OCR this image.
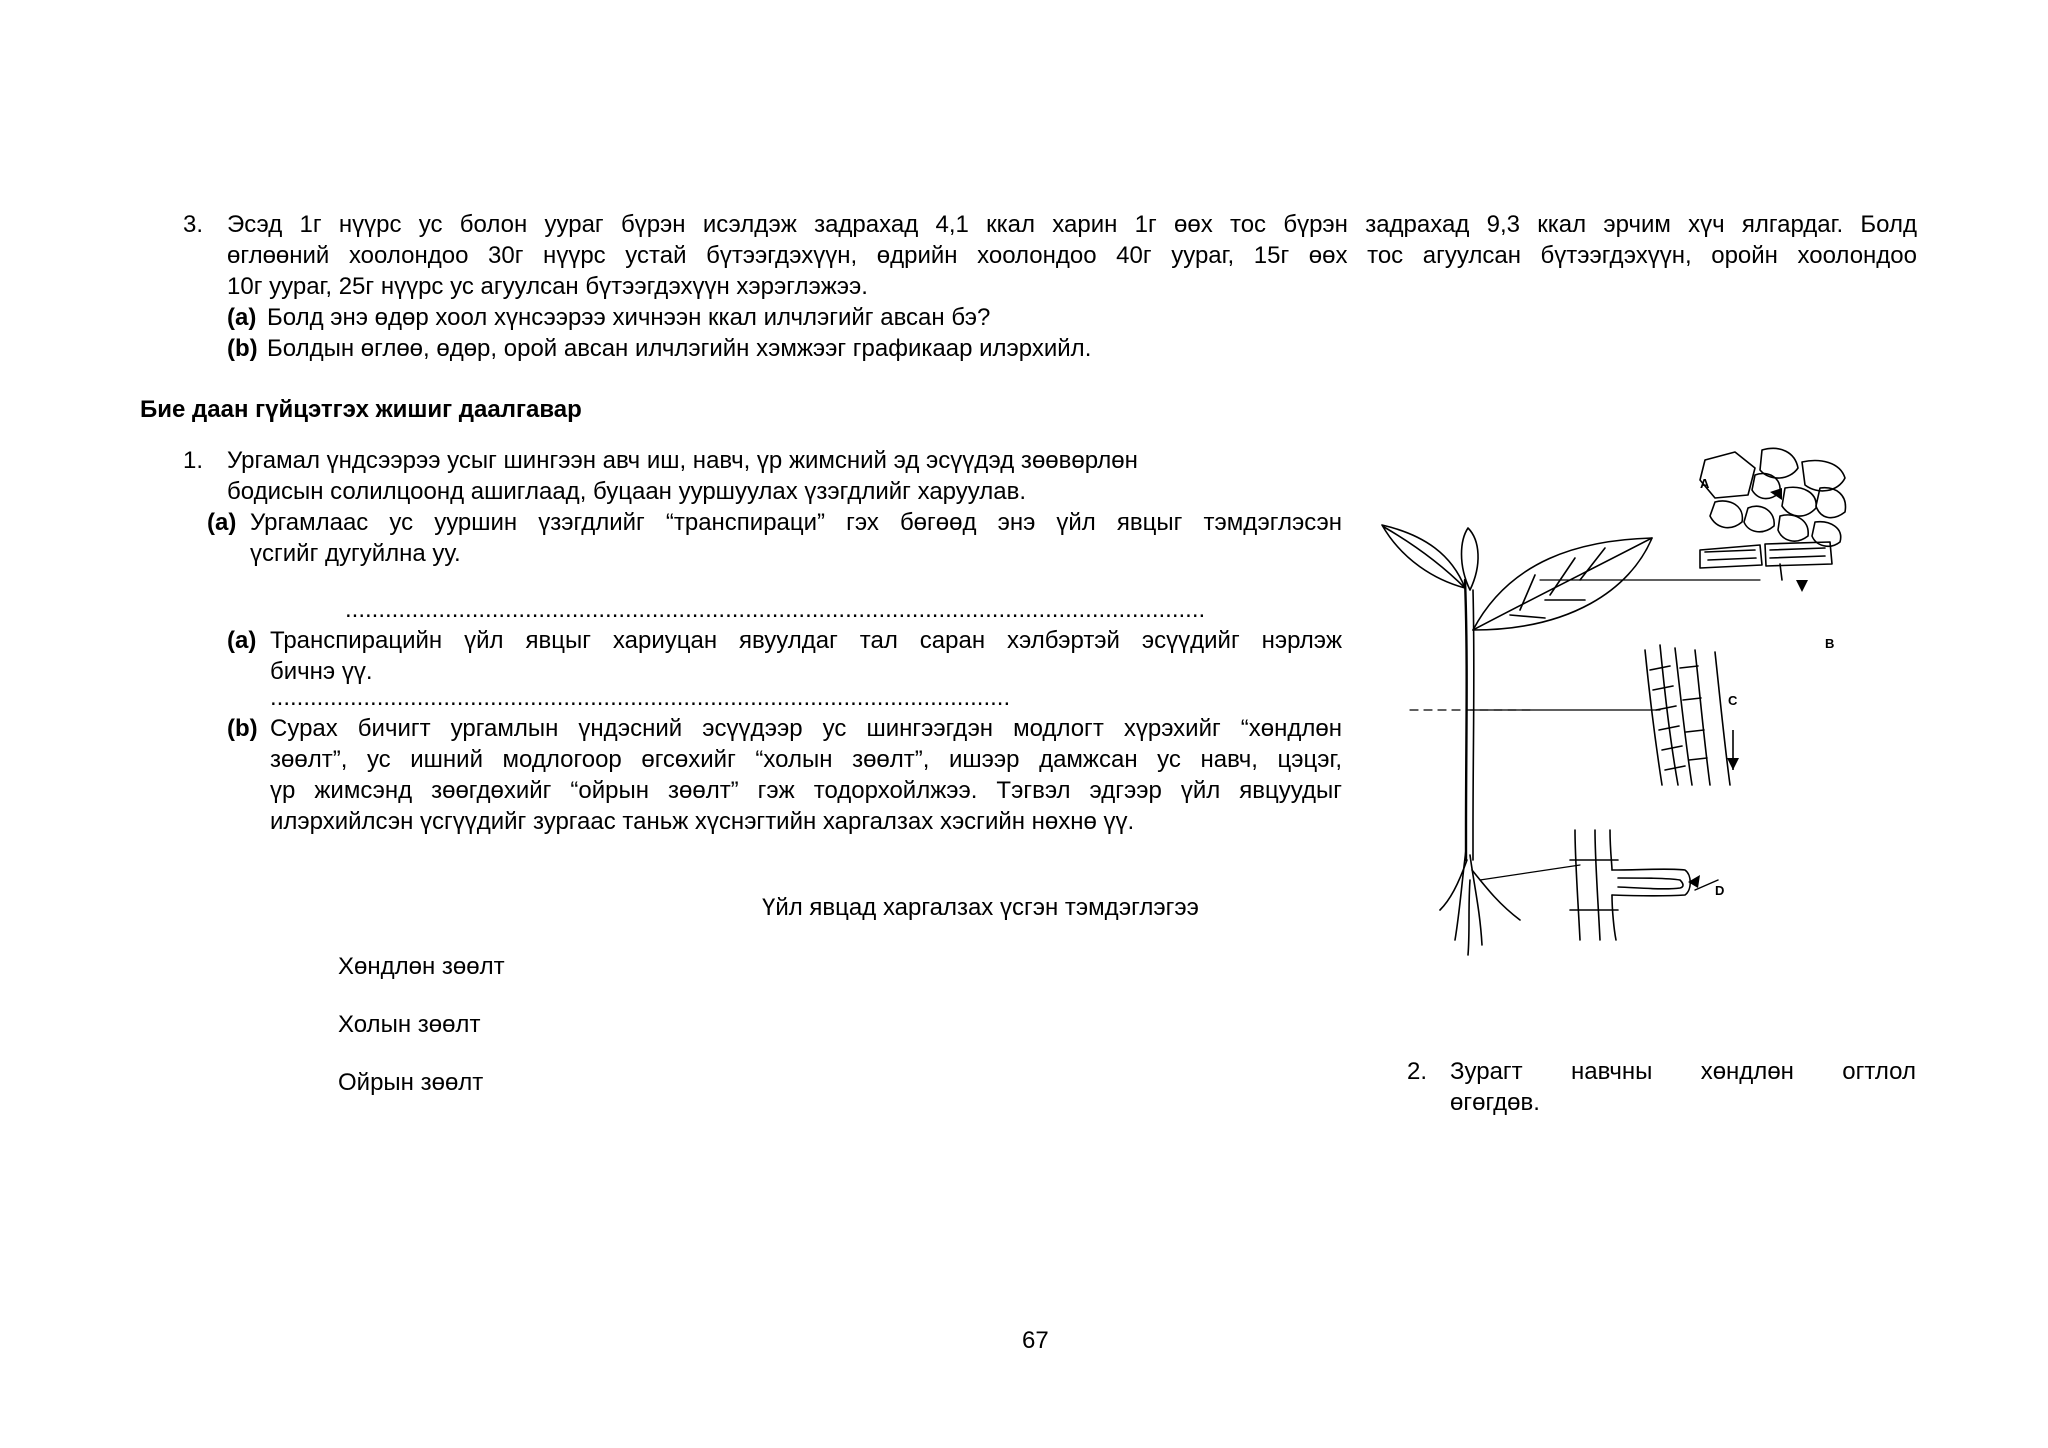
3. Эсэд 1г нүүрс ус болон уураг бүрэн исэлдэж задрахад 4,1 ккал харин 1г өөх тос бүрэн задрахад 9,3 ккал эрчим хүч ялгардаг. Болд
өглөөний хоолондоо 30г нүүрс устай бүтээгдэхүүн, өдрийн хоолондоо 40г уураг, 15г өөх тос агуулсан бүтээгдэхүүн, оройн хоолондоо
10г уураг, 25г нүүрс ус агуулсан бүтээгдэхүүн хэрэглэжээ.
(a) Болд энэ өдөр хоол хүнсээрээ хичнээн ккал илчлэгийг авсан бэ?
(b) Болдын өглөө, өдөр, орой авсан илчлэгийн хэмжээг графикаар илэрхийл.
Бие даан гүйцэтгэх жишиг даалгавар
1. Ургамал үндсээрээ усыг шингээн авч иш, навч, үр жимсний эд эсүүдэд зөөвөрлөн
бодисын солилцоонд ашиглаад, буцаан ууршуулах үзэгдлийг харуулав.
(a) Ургамлаас ус ууршин үзэгдлийг “транспираци” гэх бөгөөд энэ үйл явцыг тэмдэглэсэн
үсгийг дугуйлна уу.
.................................................................................................................................
(a) Транспирацийн үйл явцыг хариуцан явуулдаг тал саран хэлбэртэй эсүүдийг нэрлэж
бичнэ үү.
...............................................................................................................
(b) Сурах бичигт ургамлын үндэсний эсүүдээр ус шингээгдэн модлогт хүрэхийг “хөндлөн
зөөлт”, ус ишний модлогоор өгсөхийг “холын зөөлт”, ишээр дамжсан ус навч, цэцэг,
үр жимсэнд зөөгдөхийг “ойрын зөөлт” гэж тодорхойлжээ. Тэгвэл эдгээр үйл явцуудыг
илэрхийлсэн үсгүүдийг зургаас таньж хүснэгтийн харгалзах хэсгийн нөхнө үү.
Үйл явцад харгалзах үсгэн тэмдэглэгээ
Хөндлөн зөөлт
Холын зөөлт
Ойрын зөөлт
A
B
C
D
2. Зурагт навчны хөндлөн огтлол
өгөгдөв.
67
